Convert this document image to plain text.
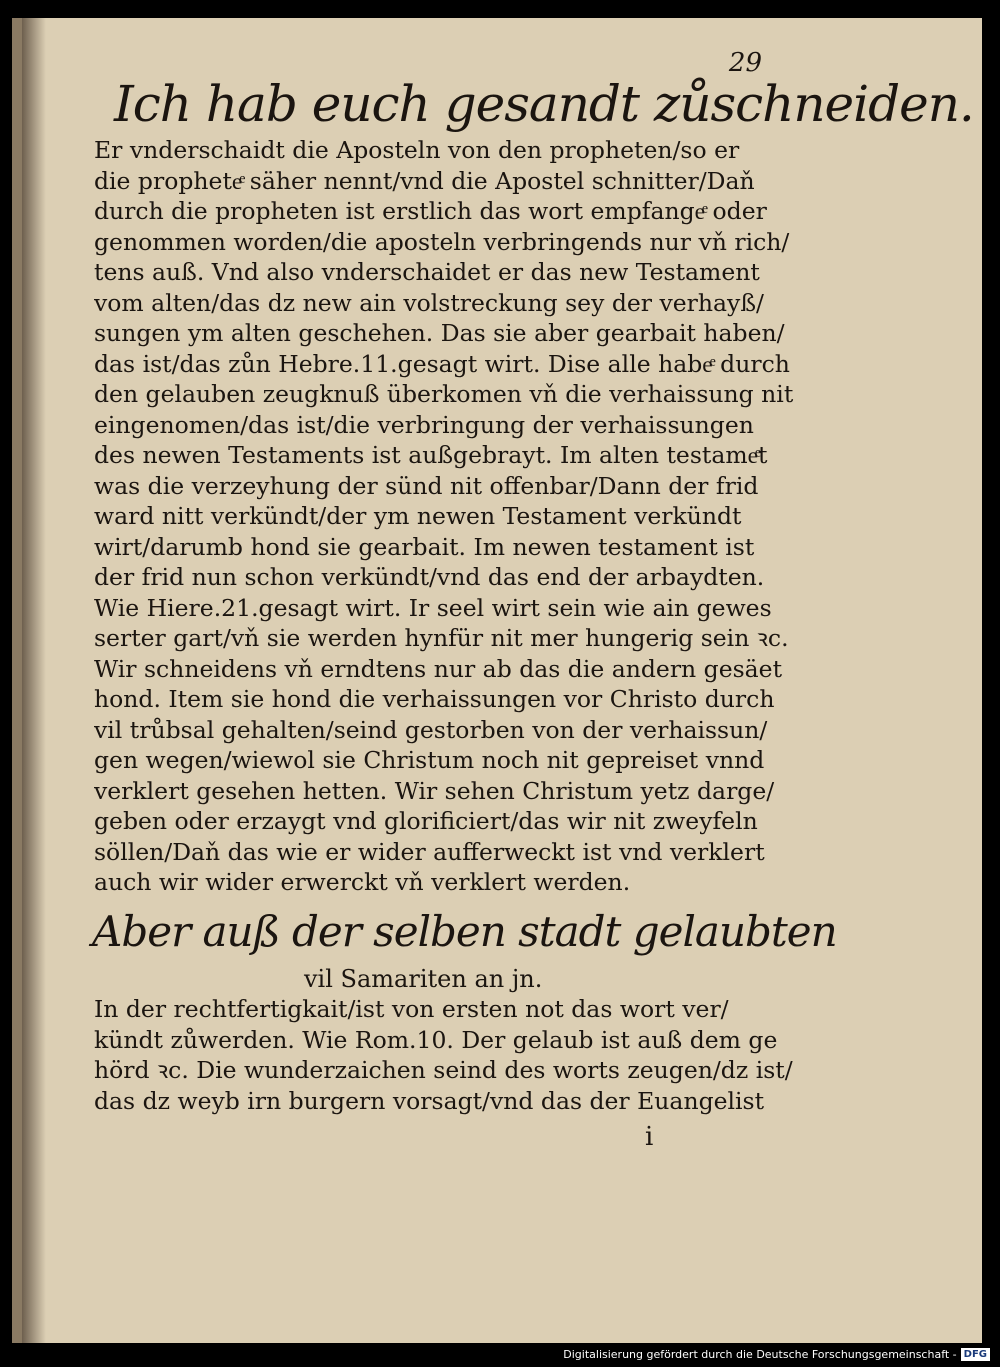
29
Ich hab euch gesandt zůschneiden.
Er vnderschaidt die Aposteln von den propheten/so er
die propheteͤ säher nennt/vnd die Apostel schnitter/Daň
durch die propheten ist erstlich das wort empfangeͤ oder
genommen worden/die aposteln verbringends nur vň rich/
tens auß. Vnd also vnderschaidet er das new Testament
vom alten/das dz new ain volstreckung sey der verhayß/
sungen ym alten geschehen. Das sie aber gearbait haben/
das ist/das zůn Hebre.11.gesagt wirt. Dise alle habeͤ durch
den gelauben zeugknuß überkomen vň die verhaissung nit
eingenomen/das ist/die verbringung der verhaissungen
des newen Testaments ist außgebrayt. Im alten testameͤt
was die verzeyhung der sünd nit offenbar/Dann der frid
ward nitt verkündt/der ym newen Testament verkündt
wirt/darumb hond sie gearbait. Im newen testament ist
der frid nun schon verkündt/vnd das end der arbaydten.
Wie Hiere.21.gesagt wirt. Ir seel wirt sein wie ain gewes
serter gart/vň sie werden hynfür nit mer hungerig sein ꝛc.
Wir schneidens vň erndtens nur ab das die andern gesäet
hond. Item sie hond die verhaissungen vor Christo durch
vil trůbsal gehalten/seind gestorben von der verhaissun/
gen wegen/wiewol sie Christum noch nit gepreiset vnnd
verklert gesehen hetten. Wir sehen Christum yetz darge/
geben oder erzaygt vnd glorificiert/das wir nit zweyfeln
söllen/Daň das wie er wider aufferweckt ist vnd verklert
auch wir wider erwerckt vň verklert werden.
Aber auß der selben stadt gelaubten
vil Samariten an jn.
In der rechtfertigkait/ist von ersten not das wort ver/
kündt zůwerden. Wie Rom.10. Der gelaub ist auß dem ge
hörd ꝛc. Die wunderzaichen seind des worts zeugen/dz ist/
das dz weyb irn burgern vorsagt/vnd das der Euangelist
i
Digitalisierung gefördert durch die Deutsche Forschungsgemeinschaft - DFG
